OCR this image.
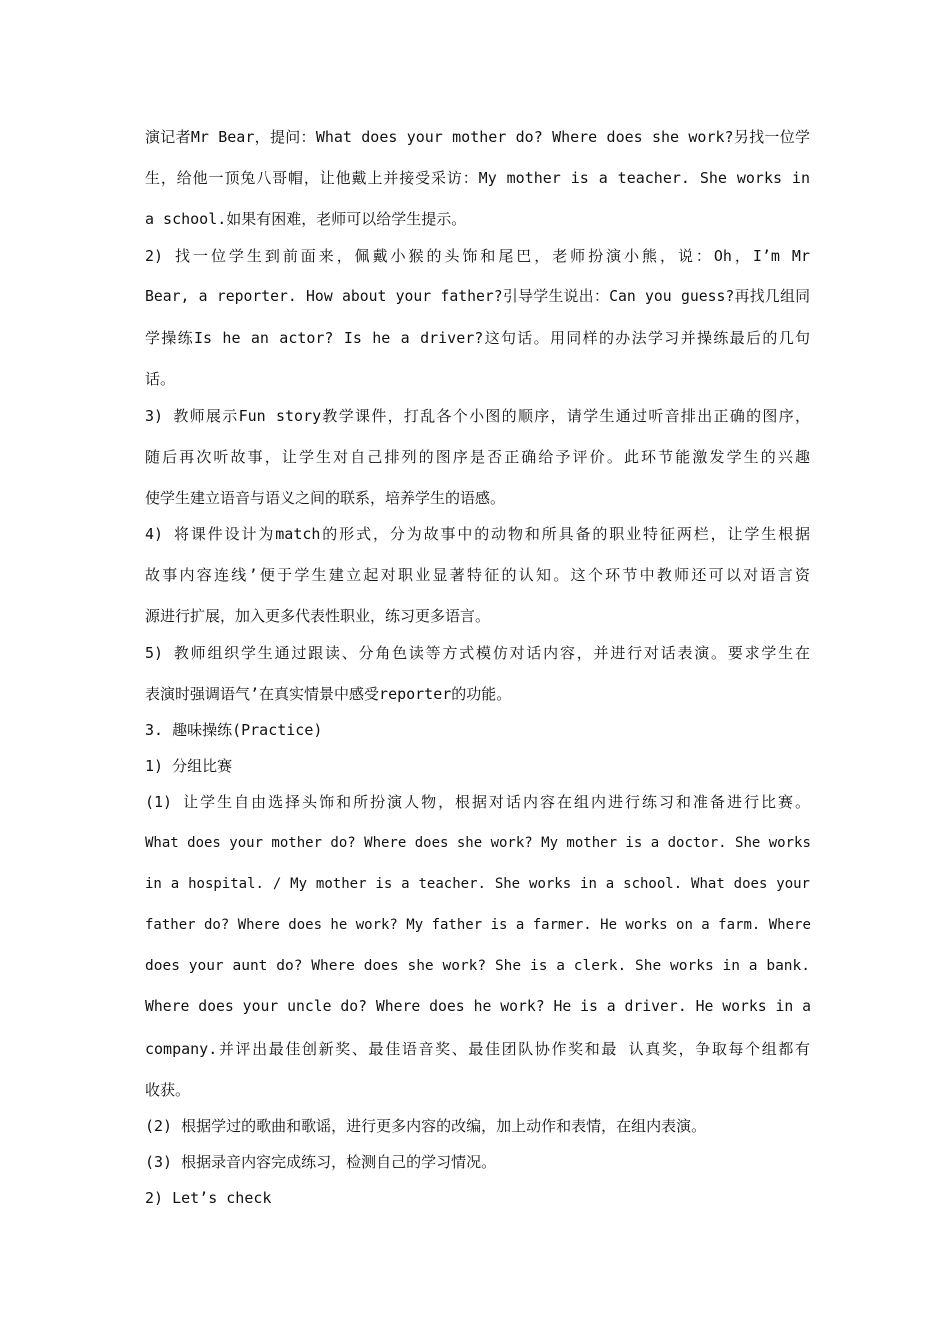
演记者Mr Bear，提问：What does your mother do? Where does she work?另找一位学
生，给他一顶兔八哥帽，让他戴上并接受采访：My mother is a teacher. She works in
a school.如果有困难，老师可以给学生提示。
2) 找一位学生到前面来，佩戴小猴的头饰和尾巴，老师扮演小熊，说：Oh，I’m Mr
Bear, a reporter. How about your father?引导学生说出：Can you guess?再找几组同
学操练Is he an actor? Is he a driver?这句话。用同样的办法学习并操练最后的几句
话。
3) 教师展示Fun story教学课件，打乱各个小图的顺序，请学生通过听音排出正确的图序，
随后再次听故事，让学生对自己排列的图序是否正确给予评价。此环节能激发学生的兴趣
使学生建立语音与语义之间的联系，培养学生的语感。
4) 将课件设计为match的形式，分为故事中的动物和所具备的职业特征两栏，让学生根据
故事内容连线’便于学生建立起对职业显著特征的认知。这个环节中教师还可以对语言资
源进行扩展，加入更多代表性职业，练习更多语言。
5) 教师组织学生通过跟读、分角色读等方式模仿对话内容，并进行对话表演。要求学生在
表演时强调语气’在真实情景中感受reporter的功能。
3. 趣味操练(Practice)
1) 分组比赛
(1) 让学生自由选择头饰和所扮演人物，根据对话内容在组内进行练习和准备进行比赛。
What does your mother do? Where does she work? My mother is a doctor. She works
in a hospital. / My mother is a teacher. She works in a school. What does your
father do? Where does he work? My father is a farmer. He works on a farm. Where
does your aunt do? Where does she work? She is a clerk. She works in a bank.
Where does your uncle do? Where does he work? He is a driver. He works in a
company.并评出最佳创新奖、最佳语音奖、最佳团队协作奖和最 认真奖，争取每个组都有
收获。
(2) 根据学过的歌曲和歌谣，进行更多内容的改编，加上动作和表情，在组内表演。
(3) 根据录音内容完成练习，检测自己的学习情况。
2) Let’s check
